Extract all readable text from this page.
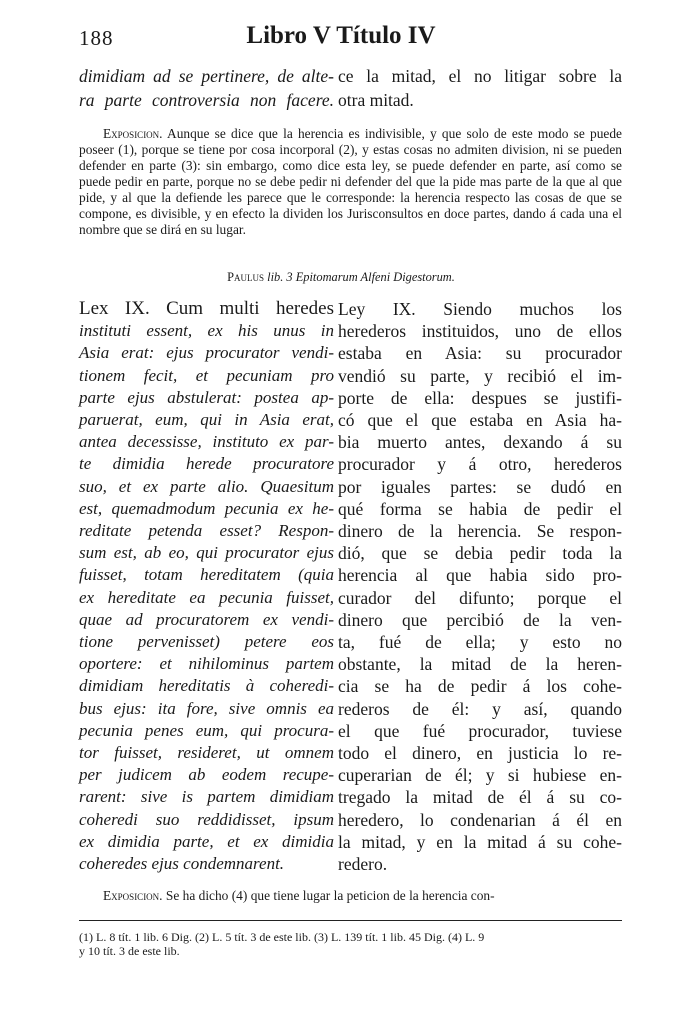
188	Libro V Título IV
dimidiam ad se pertinere, de alte-
ra parte controversia non facere.
ce la mitad, el no litigar sobre la
otra mitad.
Exposicion. Aunque se dice que la herencia es indivisible, y que solo de este modo se puede poseer (1), porque se tiene por cosa incorporal (2), y estas cosas no admiten division, ni se pueden defender en parte (3): sin embargo, como dice esta ley, se puede defender en parte, así como se puede pedir en parte, porque no se debe pedir ni defender del que la pide mas parte de la que al que pide, y al que la defiende les parece que le corresponde: la herencia respecto las cosas de que se compone, es divisible, y en efecto la dividen los Jurisconsultos en doce partes, dando á cada una el nombre que se dirá en su lugar.
Paulus lib. 3 Epitomarum Alfeni Digestorum.
Lex IX. Cum multi heredes
instituti essent, ex his unus in
Asia erat: ejus procurator vendi-
tionem fecit, et pecuniam pro
parte ejus abstulerat: postea ap-
paruerat, eum, qui in Asia erat,
antea decessisse, instituto ex par-
te dimidia herede procuratore
suo, et ex parte alio. Quaesitum
est, quemadmodum pecunia ex he-
reditate petenda esset? Respon-
sum est, ab eo, qui procurator ejus
fuisset, totam hereditatem (quia
ex hereditate ea pecunia fuisset,
quae ad procuratorem ex vendi-
tione pervenisset) petere eos
oportere: et nihilominus partem
dimidiam hereditatis à coheredi-
bus ejus: ita fore, sive omnis ea
pecunia penes eum, qui procura-
tor fuisset, resideret, ut omnem
per judicem ab eodem recupe-
rarent: sive is partem dimidiam
coheredi suo reddidisset, ipsum
ex dimidia parte, et ex dimidia
coheredes ejus condemnarent.
Ley IX. Siendo muchos los
herederos instituidos, uno de ellos
estaba en Asia: su procurador
vendió su parte, y recibió el im-
porte de ella: despues se justifi-
có que el que estaba en Asia ha-
bia muerto antes, dexando á su
procurador y á otro, herederos
por iguales partes: se dudó en
qué forma se habia de pedir el
dinero de la herencia. Se respon-
dió, que se debia pedir toda la
herencia al que habia sido pro-
curador del difunto; porque el
dinero que percibió de la ven-
ta, fué de ella; y esto no
obstante, la mitad de la heren-
cia se ha de pedir á los cohe-
rederos de él: y así, quando
el que fué procurador, tuviese
todo el dinero, en justicia lo re-
cuperarian de él; y si hubiese en-
tregado la mitad de él á su co-
heredero, lo condenarian á él en
la mitad, y en la mitad á su cohe-
redero.
Exposicion. Se ha dicho (4) que tiene lugar la peticion de la herencia con-
(1) L. 8 tít. 1 lib. 6 Dig. (2) L. 5 tít. 3 de este lib. (3) L. 139 tít. 1 lib. 45 Dig. (4) L. 9
y 10 tít. 3 de este lib.
